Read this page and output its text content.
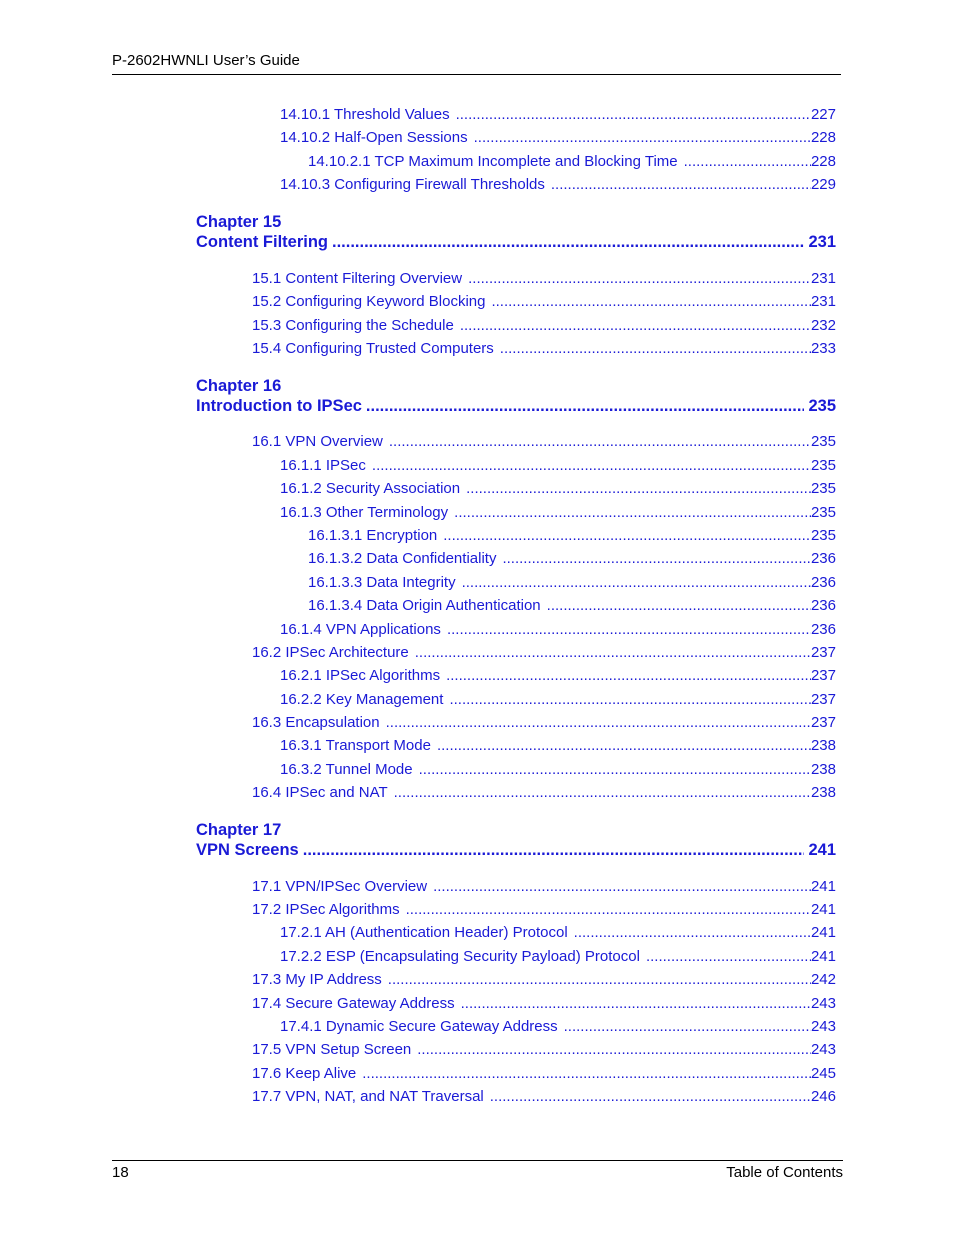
P-2602HWNLI User’s Guide
14.10.1 Threshold Values .....	227
14.10.2 Half-Open Sessions .....	228
14.10.2.1 TCP Maximum Incomplete and Blocking Time .....	228
14.10.3 Configuring Firewall Thresholds .....	229
Chapter 15
Content Filtering .....	231
15.1 Content Filtering Overview .....	231
15.2 Configuring Keyword Blocking .....	231
15.3 Configuring the Schedule .....	232
15.4 Configuring Trusted Computers .....	233
Chapter 16
Introduction to IPSec .....	235
16.1 VPN Overview .....	235
16.1.1 IPSec .....	235
16.1.2 Security Association .....	235
16.1.3 Other Terminology .....	235
16.1.3.1 Encryption .....	235
16.1.3.2 Data Confidentiality .....	236
16.1.3.3 Data Integrity .....	236
16.1.3.4 Data Origin Authentication .....	236
16.1.4 VPN Applications .....	236
16.2 IPSec Architecture .....	237
16.2.1 IPSec Algorithms .....	237
16.2.2 Key Management .....	237
16.3 Encapsulation .....	237
16.3.1 Transport Mode .....	238
16.3.2 Tunnel Mode .....	238
16.4 IPSec and NAT .....	238
Chapter 17
VPN Screens .....	241
17.1 VPN/IPSec Overview .....	241
17.2 IPSec Algorithms .....	241
17.2.1 AH (Authentication Header) Protocol .....	241
17.2.2 ESP (Encapsulating Security Payload) Protocol .....	241
17.3 My IP Address .....	242
17.4 Secure Gateway Address .....	243
17.4.1 Dynamic Secure Gateway Address .....	243
17.5 VPN Setup Screen .....	243
17.6 Keep Alive .....	245
17.7 VPN, NAT, and NAT Traversal .....	246
18	Table of Contents
